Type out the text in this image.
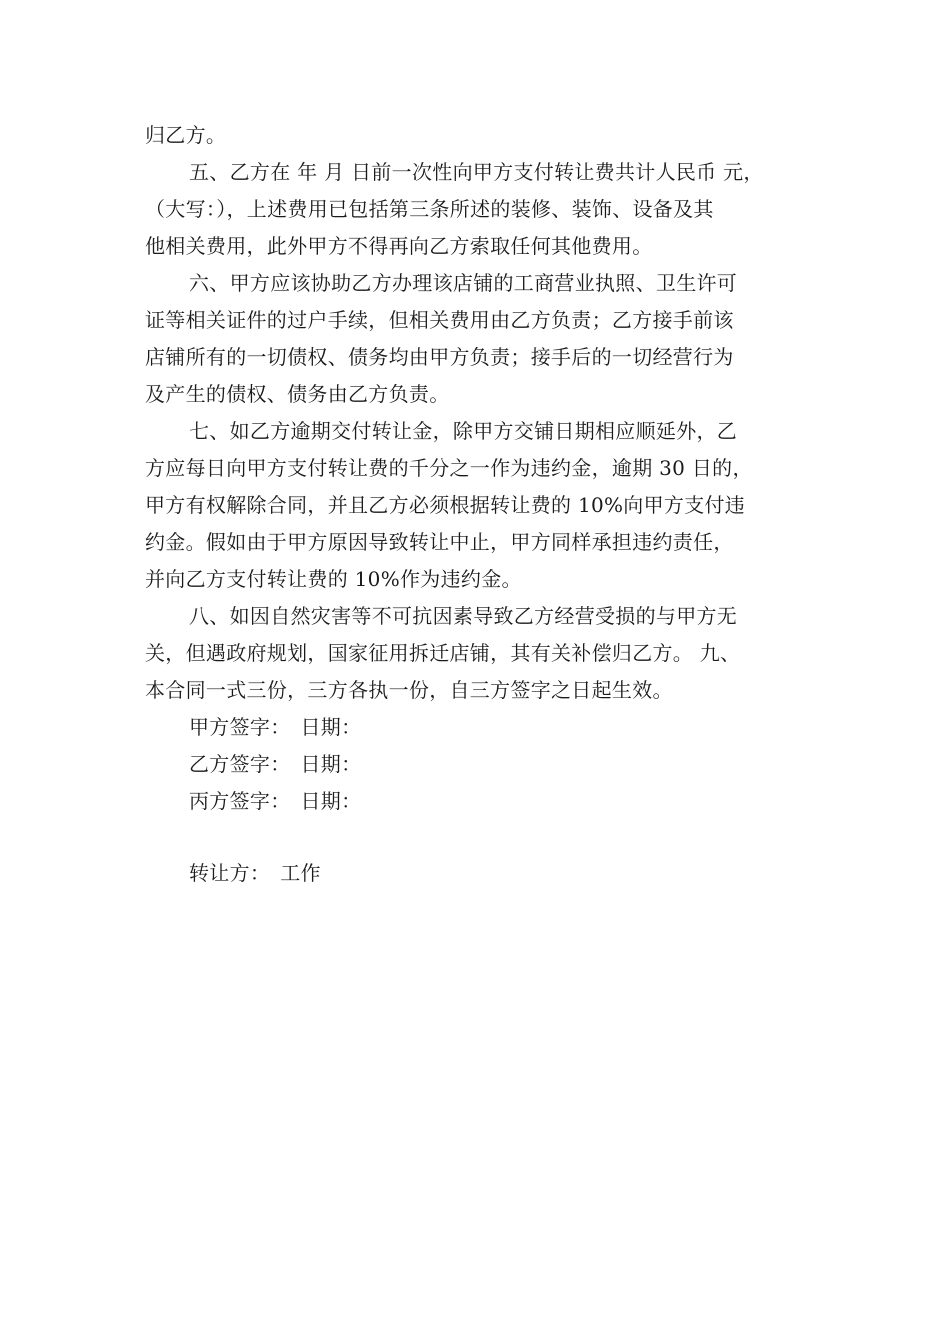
归乙方。

五、乙方在 年 月 日前一次性向甲方支付转让费共计人民币 元，
（大写：），上述费用已包括第三条所述的装修、装饰、设备及其
他相关费用，此外甲方不得再向乙方索取任何其他费用。

六、甲方应该协助乙方办理该店铺的工商营业执照、卫生许可
证等相关证件的过户手续，但相关费用由乙方负责；乙方接手前该
店铺所有的一切债权、债务均由甲方负责；接手后的一切经营行为
及产生的债权、债务由乙方负责。

七、如乙方逾期交付转让金，除甲方交铺日期相应顺延外，乙
方应每日向甲方支付转让费的千分之一作为违约金，逾期 30 日的，
甲方有权解除合同，并且乙方必须根据转让费的 10%向甲方支付违
约金。假如由于甲方原因导致转让中止，甲方同样承担违约责任，
并向乙方支付转让费的 10%作为违约金。

八、如因自然灾害等不可抗因素导致乙方经营受损的与甲方无
关，但遇政府规划，国家征用拆迁店铺，其有关补偿归乙方。 九、
本合同一式三份，三方各执一份，自三方签字之日起生效。

甲方签字： 日期：

乙方签字： 日期：

丙方签字： 日期：

转让方： 工作
